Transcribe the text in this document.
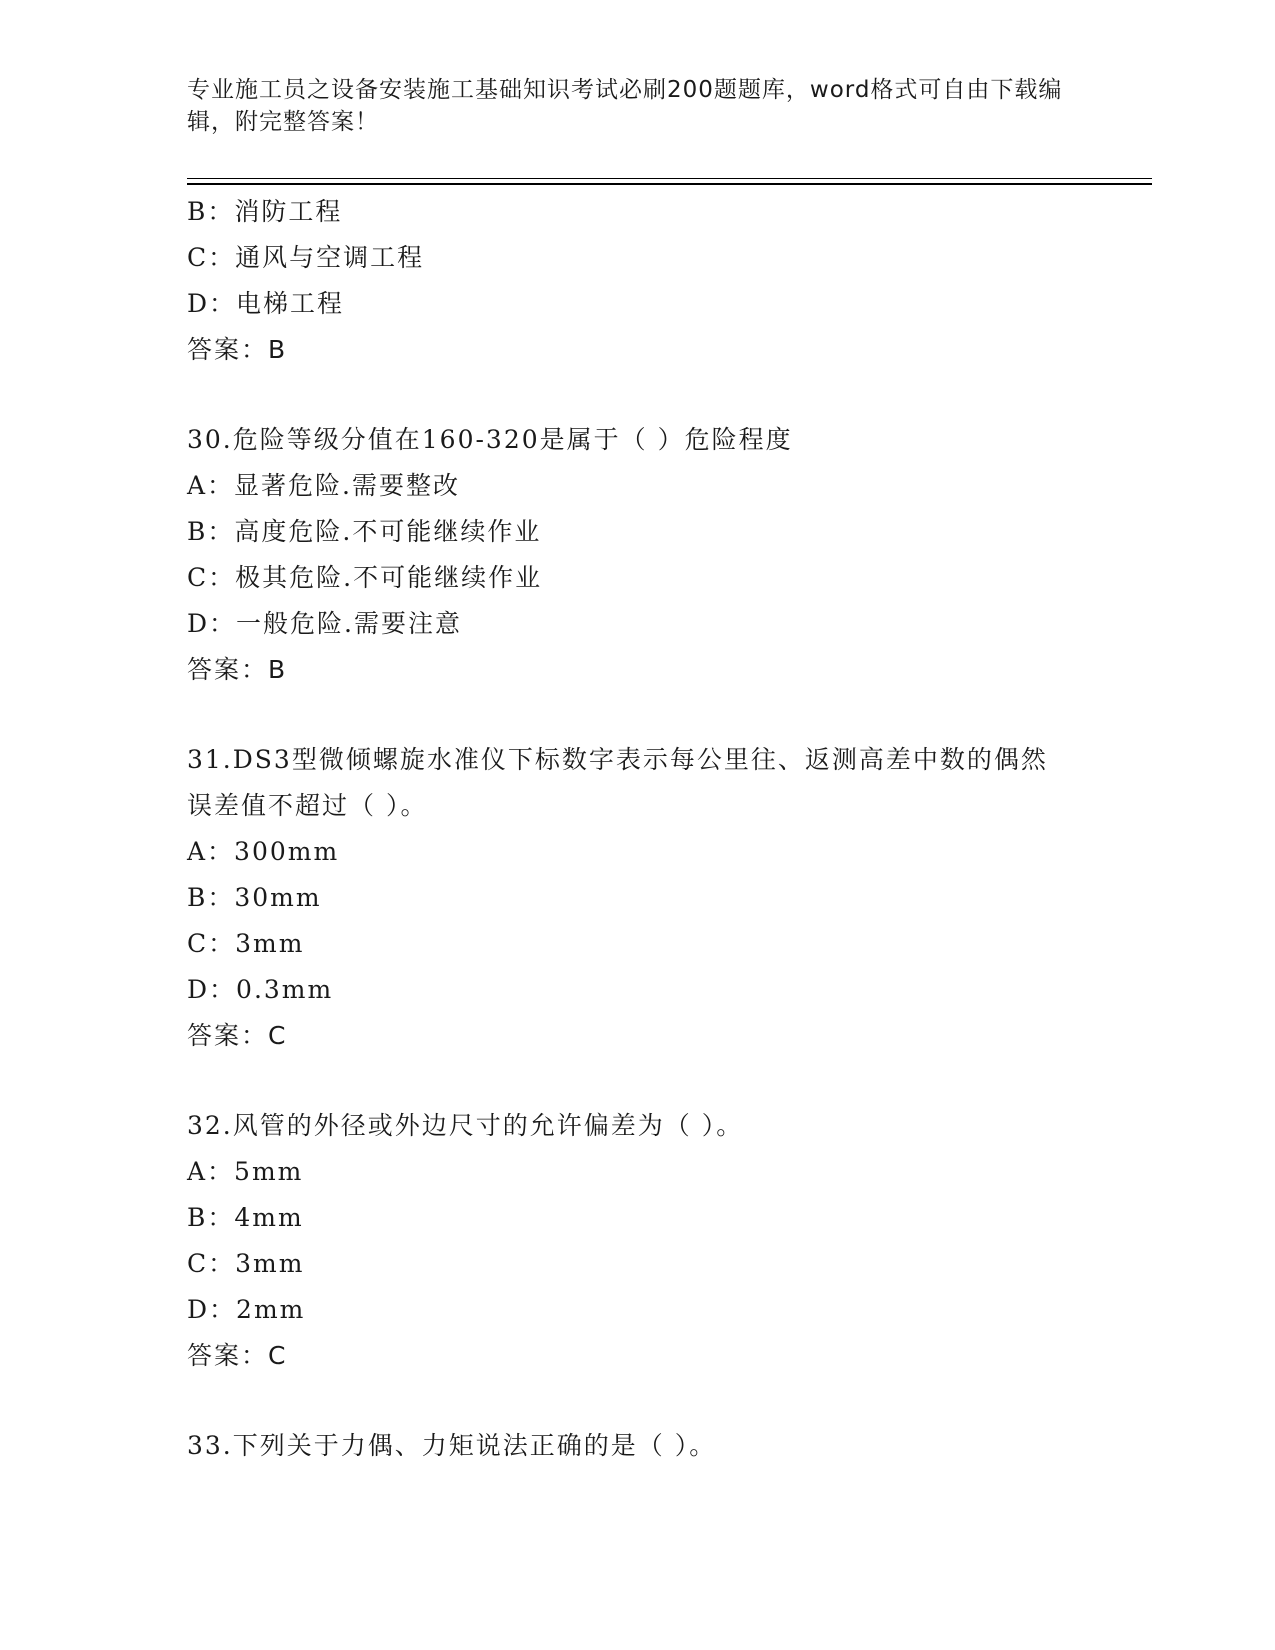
专业施工员之设备安装施工基础知识考试必刷200题题库，word格式可自由下载编辑，附完整答案！
B：消防工程
C：通风与空调工程
D：电梯工程
答案：B
30.危险等级分值在160-320是属于（ ）危险程度
A：显著危险.需要整改
B：高度危险.不可能继续作业
C：极其危险.不可能继续作业
D：一般危险.需要注意
答案：B
31.DS3型微倾螺旋水准仪下标数字表示每公里往、返测高差中数的偶然误差值不超过（ ）。
A：300mm
B：30mm
C：3mm
D：0.3mm
答案：C
32.风管的外径或外边尺寸的允许偏差为（ ）。
A：5mm
B：4mm
C：3mm
D：2mm
答案：C
33.下列关于力偶、力矩说法正确的是（ ）。
